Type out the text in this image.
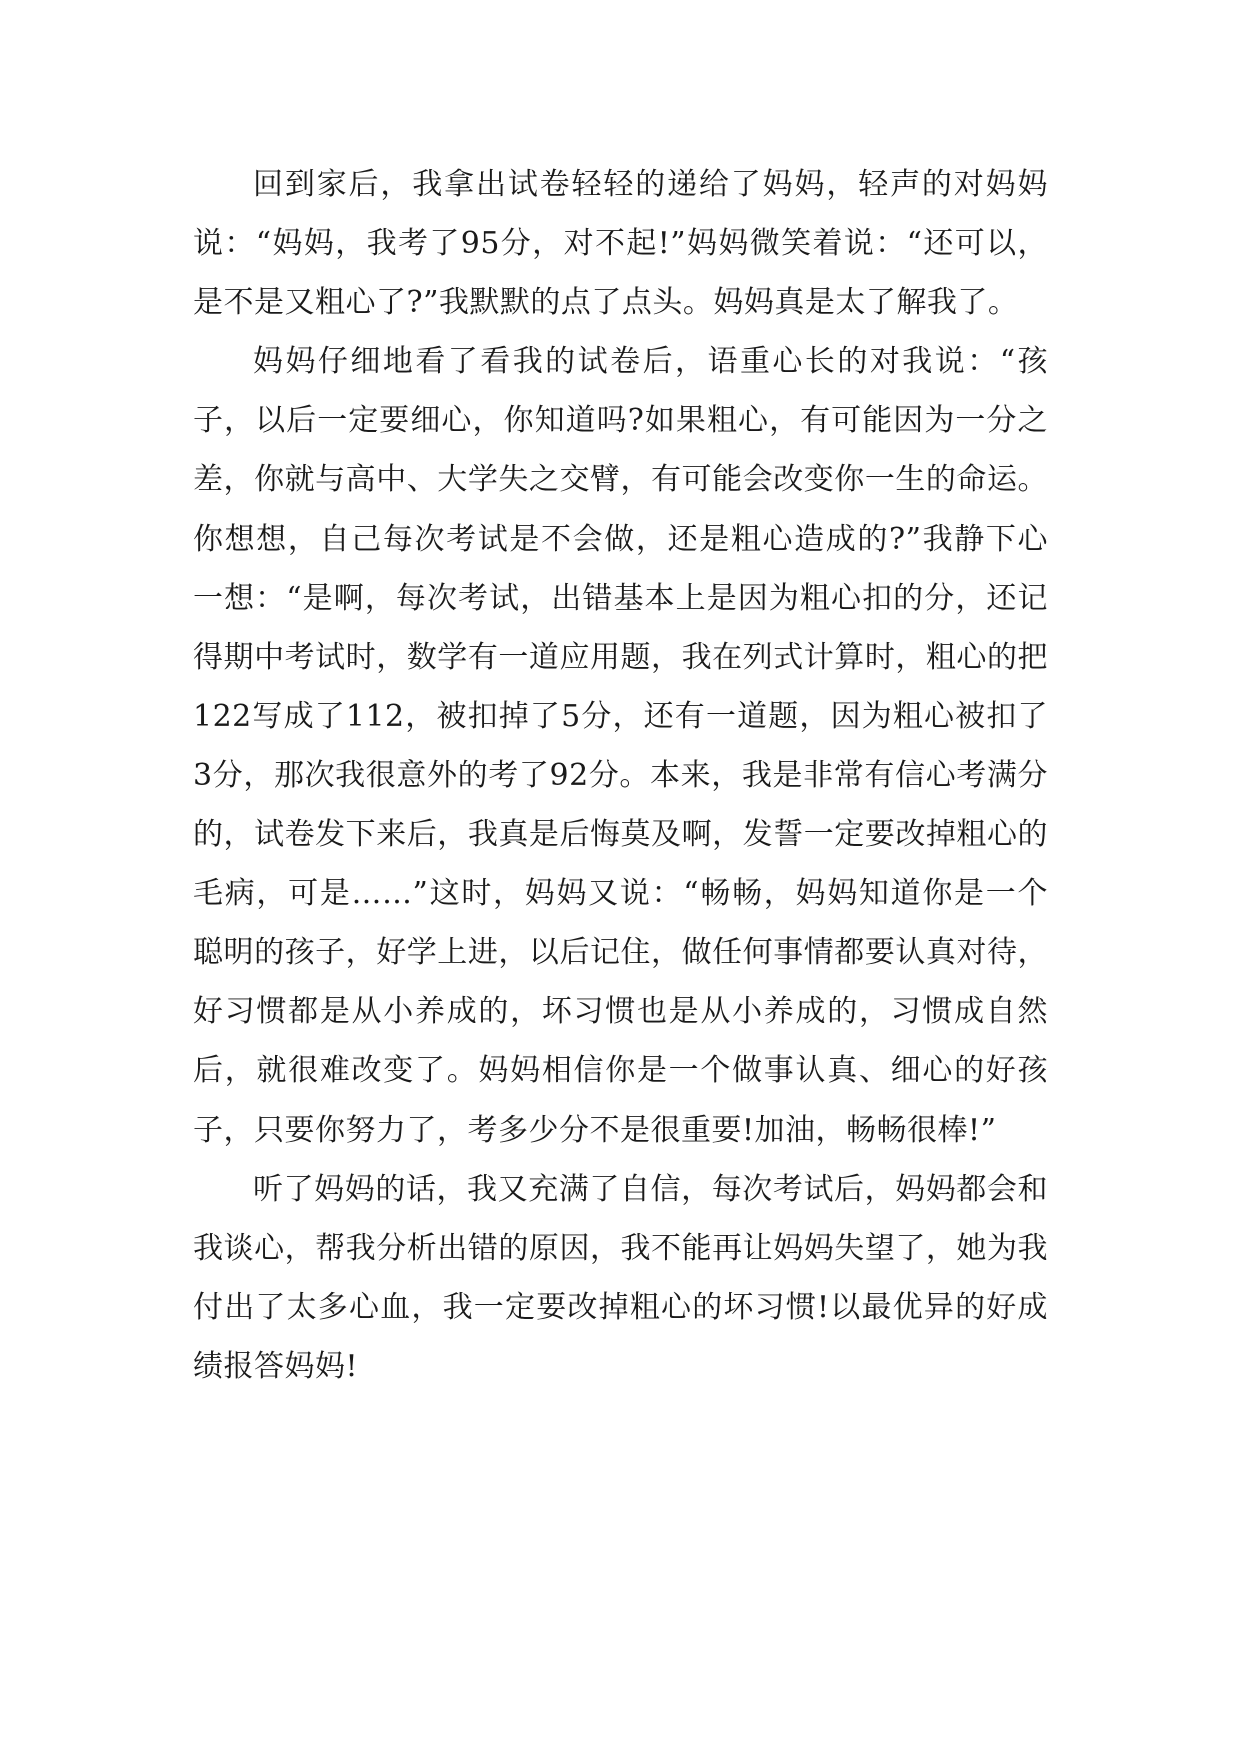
回到家后，我拿出试卷轻轻的递给了妈妈，轻声的对妈妈说：“妈妈，我考了95分，对不起!”妈妈微笑着说：“还可以，是不是又粗心了?”我默默的点了点头。妈妈真是太了解我了。

妈妈仔细地看了看我的试卷后，语重心长的对我说：“孩子，以后一定要细心，你知道吗?如果粗心，有可能因为一分之差，你就与高中、大学失之交臂，有可能会改变你一生的命运。你想想，自己每次考试是不会做，还是粗心造成的?”我静下心一想：“是啊，每次考试，出错基本上是因为粗心扣的分，还记得期中考试时，数学有一道应用题，我在列式计算时，粗心的把122写成了112，被扣掉了5分，还有一道题，因为粗心被扣了3分，那次我很意外的考了92分。本来，我是非常有信心考满分的，试卷发下来后，我真是后悔莫及啊，发誓一定要改掉粗心的毛病，可是……”这时，妈妈又说：“畅畅，妈妈知道你是一个聪明的孩子，好学上进，以后记住，做任何事情都要认真对待，好习惯都是从小养成的，坏习惯也是从小养成的，习惯成自然后，就很难改变了。妈妈相信你是一个做事认真、细心的好孩子，只要你努力了，考多少分不是很重要!加油，畅畅很棒!”

听了妈妈的话，我又充满了自信，每次考试后，妈妈都会和我谈心，帮我分析出错的原因，我不能再让妈妈失望了，她为我付出了太多心血，我一定要改掉粗心的坏习惯!以最优异的好成绩报答妈妈!
